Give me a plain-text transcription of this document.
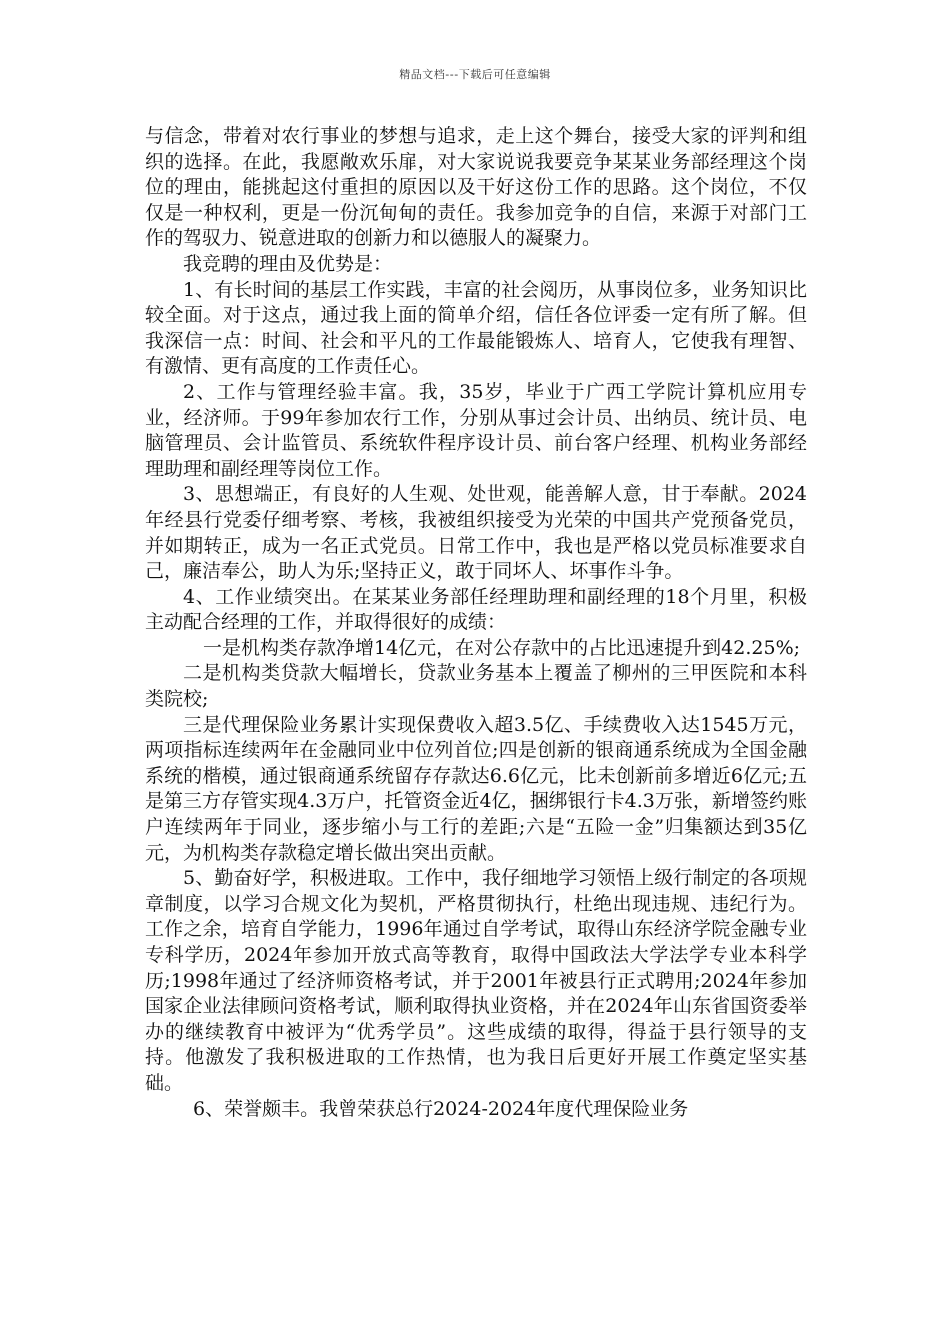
精品文档---下载后可任意编辑

与信念，带着对农行事业的梦想与追求，走上这个舞台，接受大家的评判和组织的选择。在此，我愿敞欢乐扉，对大家说说我要竞争某某业务部经理这个岗位的理由，能挑起这付重担的原因以及干好这份工作的思路。这个岗位，不仅仅是一种权利，更是一份沉甸甸的责任。我参加竞争的自信，来源于对部门工作的驾驭力、锐意进取的创新力和以德服人的凝聚力。

我竞聘的理由及优势是：

1、有长时间的基层工作实践，丰富的社会阅历，从事岗位多，业务知识比较全面。对于这点，通过我上面的简单介绍，信任各位评委一定有所了解。但我深信一点：时间、社会和平凡的工作最能锻炼人、培育人，它使我有理智、有激情、更有高度的工作责任心。

2、工作与管理经验丰富。我，35岁，毕业于广西工学院计算机应用专业，经济师。于99年参加农行工作，分别从事过会计员、出纳员、统计员、电脑管理员、会计监管员、系统软件程序设计员、前台客户经理、机构业务部经理助理和副经理等岗位工作。

3、思想端正，有良好的人生观、处世观，能善解人意，甘于奉献。2024年经县行党委仔细考察、考核，我被组织接受为光荣的中国共产党预备党员，并如期转正，成为一名正式党员。日常工作中，我也是严格以党员标准要求自己，廉洁奉公，助人为乐;坚持正义，敢于同坏人、坏事作斗争。

4、工作业绩突出。在某某业务部任经理助理和副经理的18个月里，积极主动配合经理的工作，并取得很好的成绩：

一是机构类存款净增14亿元，在对公存款中的占比迅速提升到42.25%;

二是机构类贷款大幅增长，贷款业务基本上覆盖了柳州的三甲医院和本科类院校;

三是代理保险业务累计实现保费收入超3.5亿、手续费收入达1545万元，两项指标连续两年在金融同业中位列首位;四是创新的银商通系统成为全国金融系统的楷模，通过银商通系统留存存款达6.6亿元，比未创新前多增近6亿元;五是第三方存管实现4.3万户，托管资金近4亿，捆绑银行卡4.3万张，新增签约账户连续两年于同业，逐步缩小与工行的差距;六是“五险一金”归集额达到35亿元，为机构类存款稳定增长做出突出贡献。

5、勤奋好学，积极进取。工作中，我仔细地学习领悟上级行制定的各项规章制度，以学习合规文化为契机，严格贯彻执行，杜绝出现违规、违纪行为。工作之余，培育自学能力，1996年通过自学考试，取得山东经济学院金融专业专科学历，2024年参加开放式高等教育，取得中国政法大学法学专业本科学历;1998年通过了经济师资格考试，并于2001年被县行正式聘用;2024年参加国家企业法律顾问资格考试，顺利取得执业资格，并在2024年山东省国资委举办的继续教育中被评为“优秀学员”。这些成绩的取得，得益于县行领导的支持。他激发了我积极进取的工作热情，也为我日后更好开展工作奠定坚实基础。

6、荣誉颇丰。我曾荣获总行2024-2024年度代理保险业务
